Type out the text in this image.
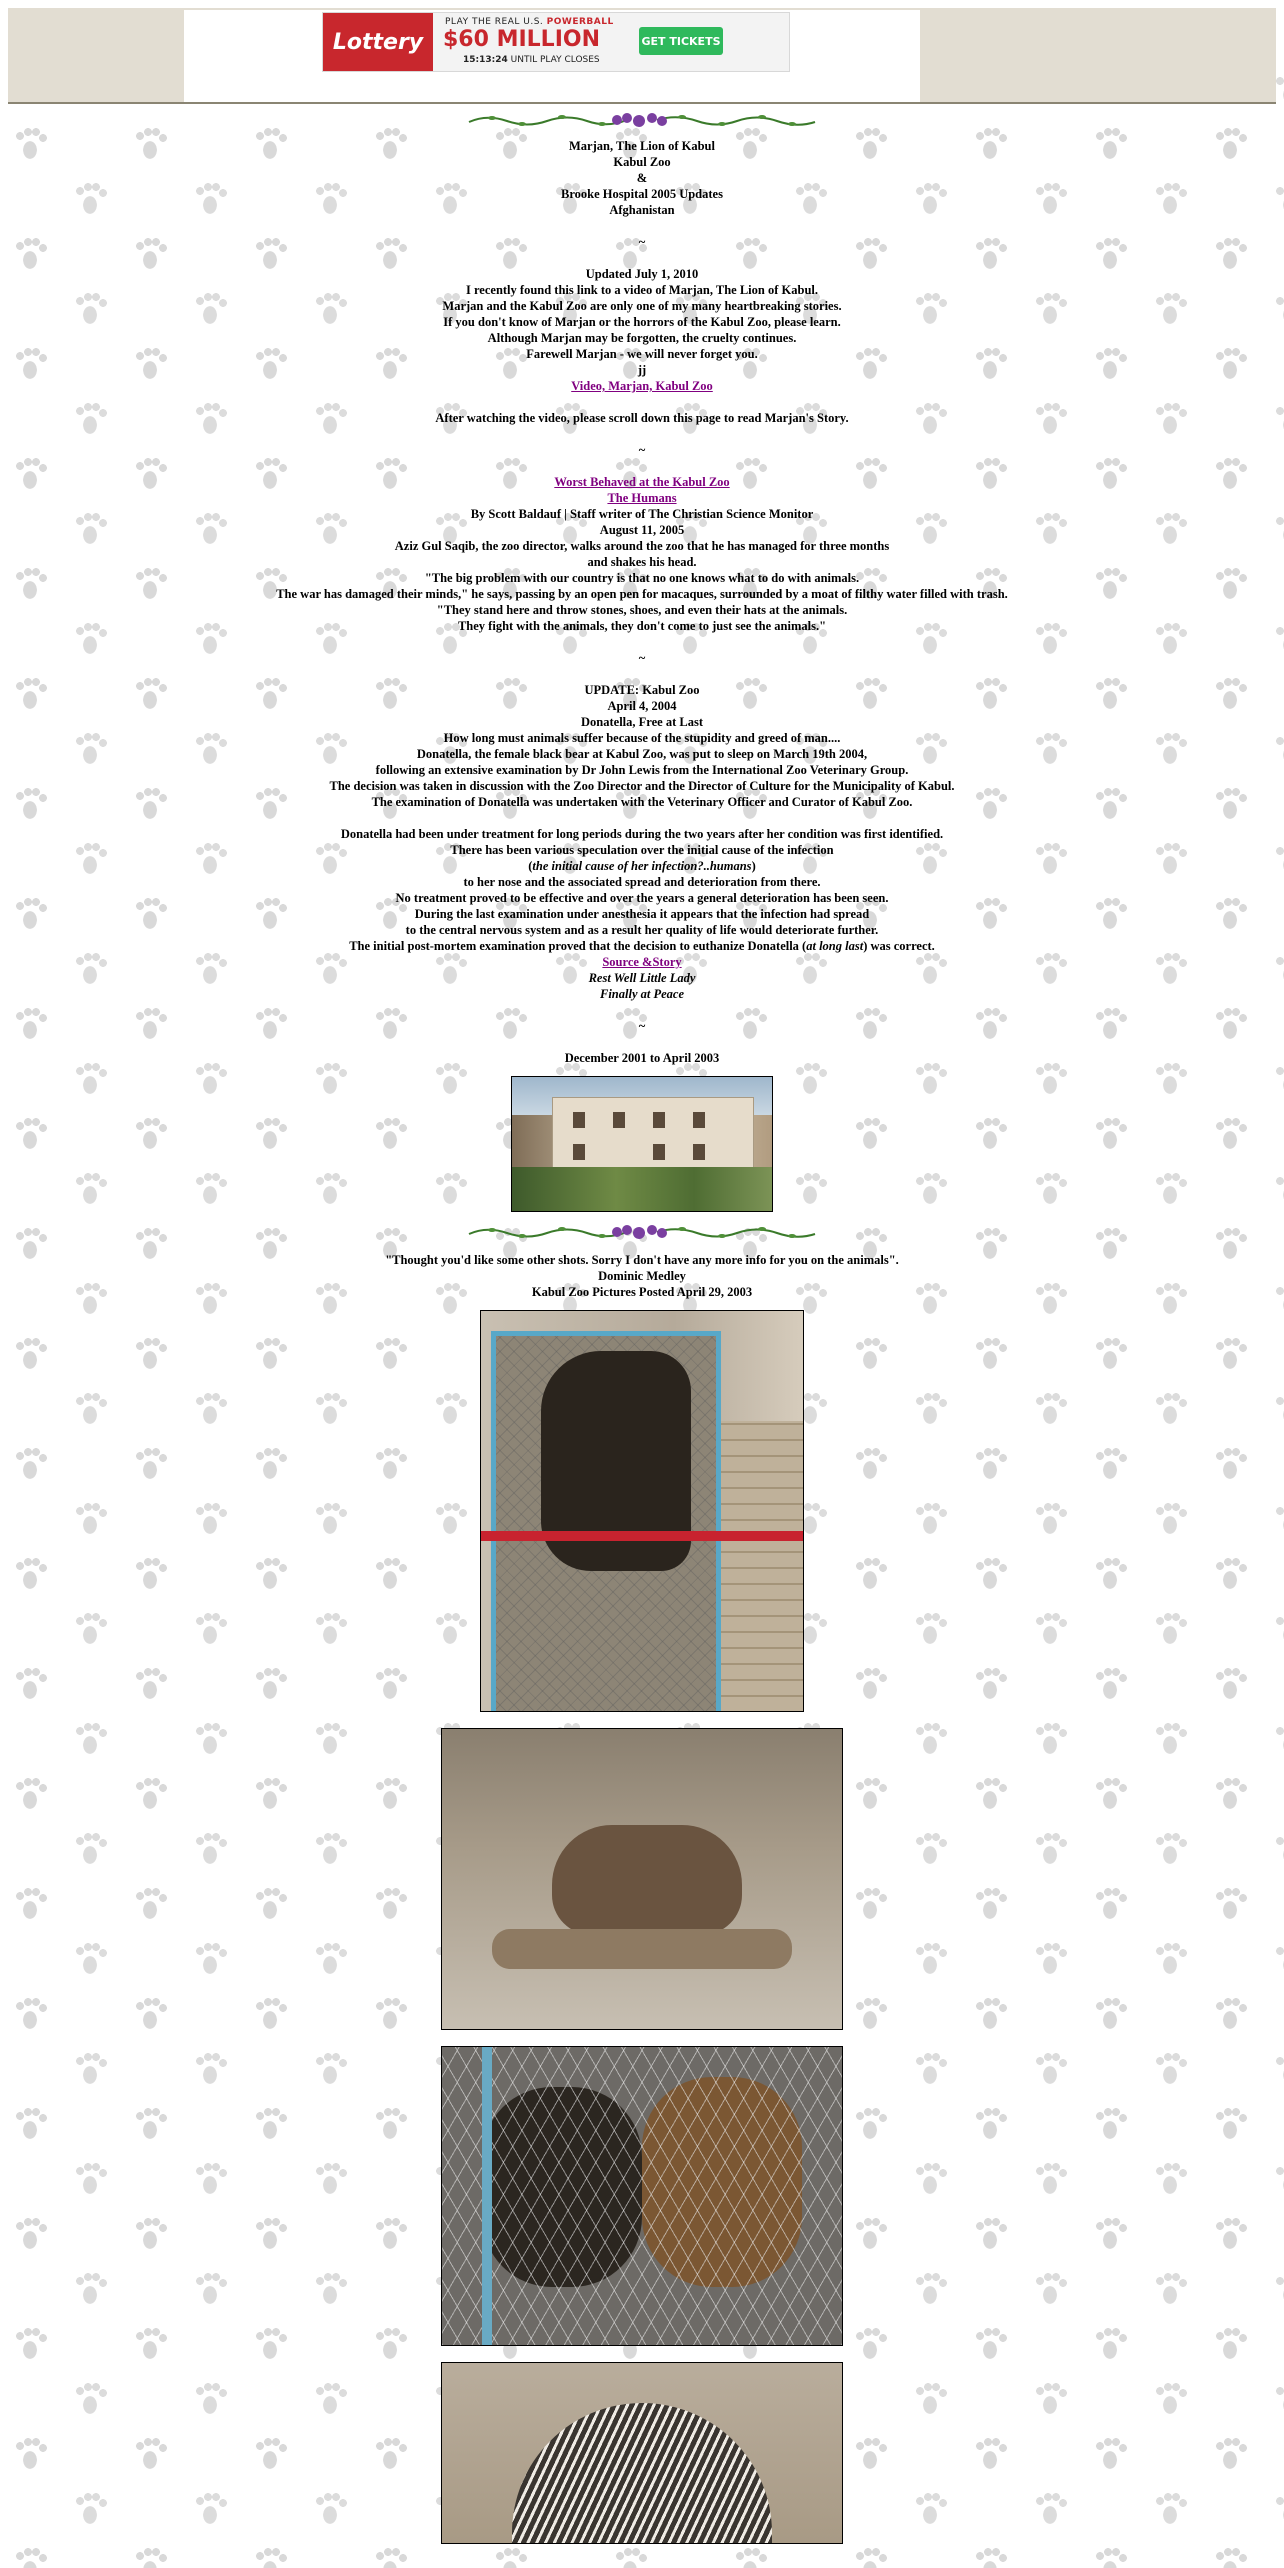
Lottery
PLAY THE REAL U.S. POWERBALL
$60 MILLION
15:13:24 UNTIL PLAY CLOSES
GET TICKETS

Marjan, The Lion of Kabul

Kabul Zoo

&

Brooke Hospital 2005 Updates

Afghanistan

~

Updated July 1, 2010

I recently found this link to a video of Marjan, The Lion of Kabul.

Marjan and the Kabul Zoo are only one of my many heartbreaking stories.

If you don't know of Marjan or the horrors of the Kabul Zoo, please learn.

Although Marjan may be forgotten, the cruelty continues.

Farewell Marjan - we will never forget you.

jj

Video, Marjan, Kabul Zoo

After watching the video, please scroll down this page to read Marjan's Story.

~

Worst Behaved at the Kabul Zoo

The Humans

By Scott Baldauf | Staff writer of The Christian Science Monitor

August 11, 2005

Aziz Gul Saqib, the zoo director, walks around the zoo that he has managed for three months

and shakes his head.

"The big problem with our country is that no one knows what to do with animals.

The war has damaged their minds," he says, passing by an open pen for macaques, surrounded by a moat of filthy water filled with trash.

"They stand here and throw stones, shoes, and even their hats at the animals.

They fight with the animals, they don't come to just see the animals."

~

UPDATE: Kabul Zoo

April 4, 2004

Donatella, Free at Last

How long must animals suffer because of the stupidity and greed of man....

Donatella, the female black bear at Kabul Zoo, was put to sleep on March 19th 2004,

following an extensive examination by Dr John Lewis from the International Zoo Veterinary Group.

The decision was taken in discussion with the Zoo Director and the Director of Culture for the Municipality of Kabul.

The examination of Donatella was undertaken with the Veterinary Officer and Curator of Kabul Zoo.

Donatella had been under treatment for long periods during the two years after her condition was first identified.

There has been various speculation over the initial cause of the infection

(the initial cause of her infection?..humans)

to her nose and the associated spread and deterioration from there.

No treatment proved to be effective and over the years a general deterioration has been seen.

During the last examination under anesthesia it appears that the infection had spread

to the central nervous system and as a result her quality of life would deteriorate further.

The initial post-mortem examination proved that the decision to euthanize Donatella (at long last) was correct.

Source &Story

Rest Well Little Lady

Finally at Peace

~

December 2001 to April 2003

"Thought you'd like some other shots. Sorry I don't have any more info for you on the animals".

Dominic Medley

Kabul Zoo Pictures Posted April 29, 2003
